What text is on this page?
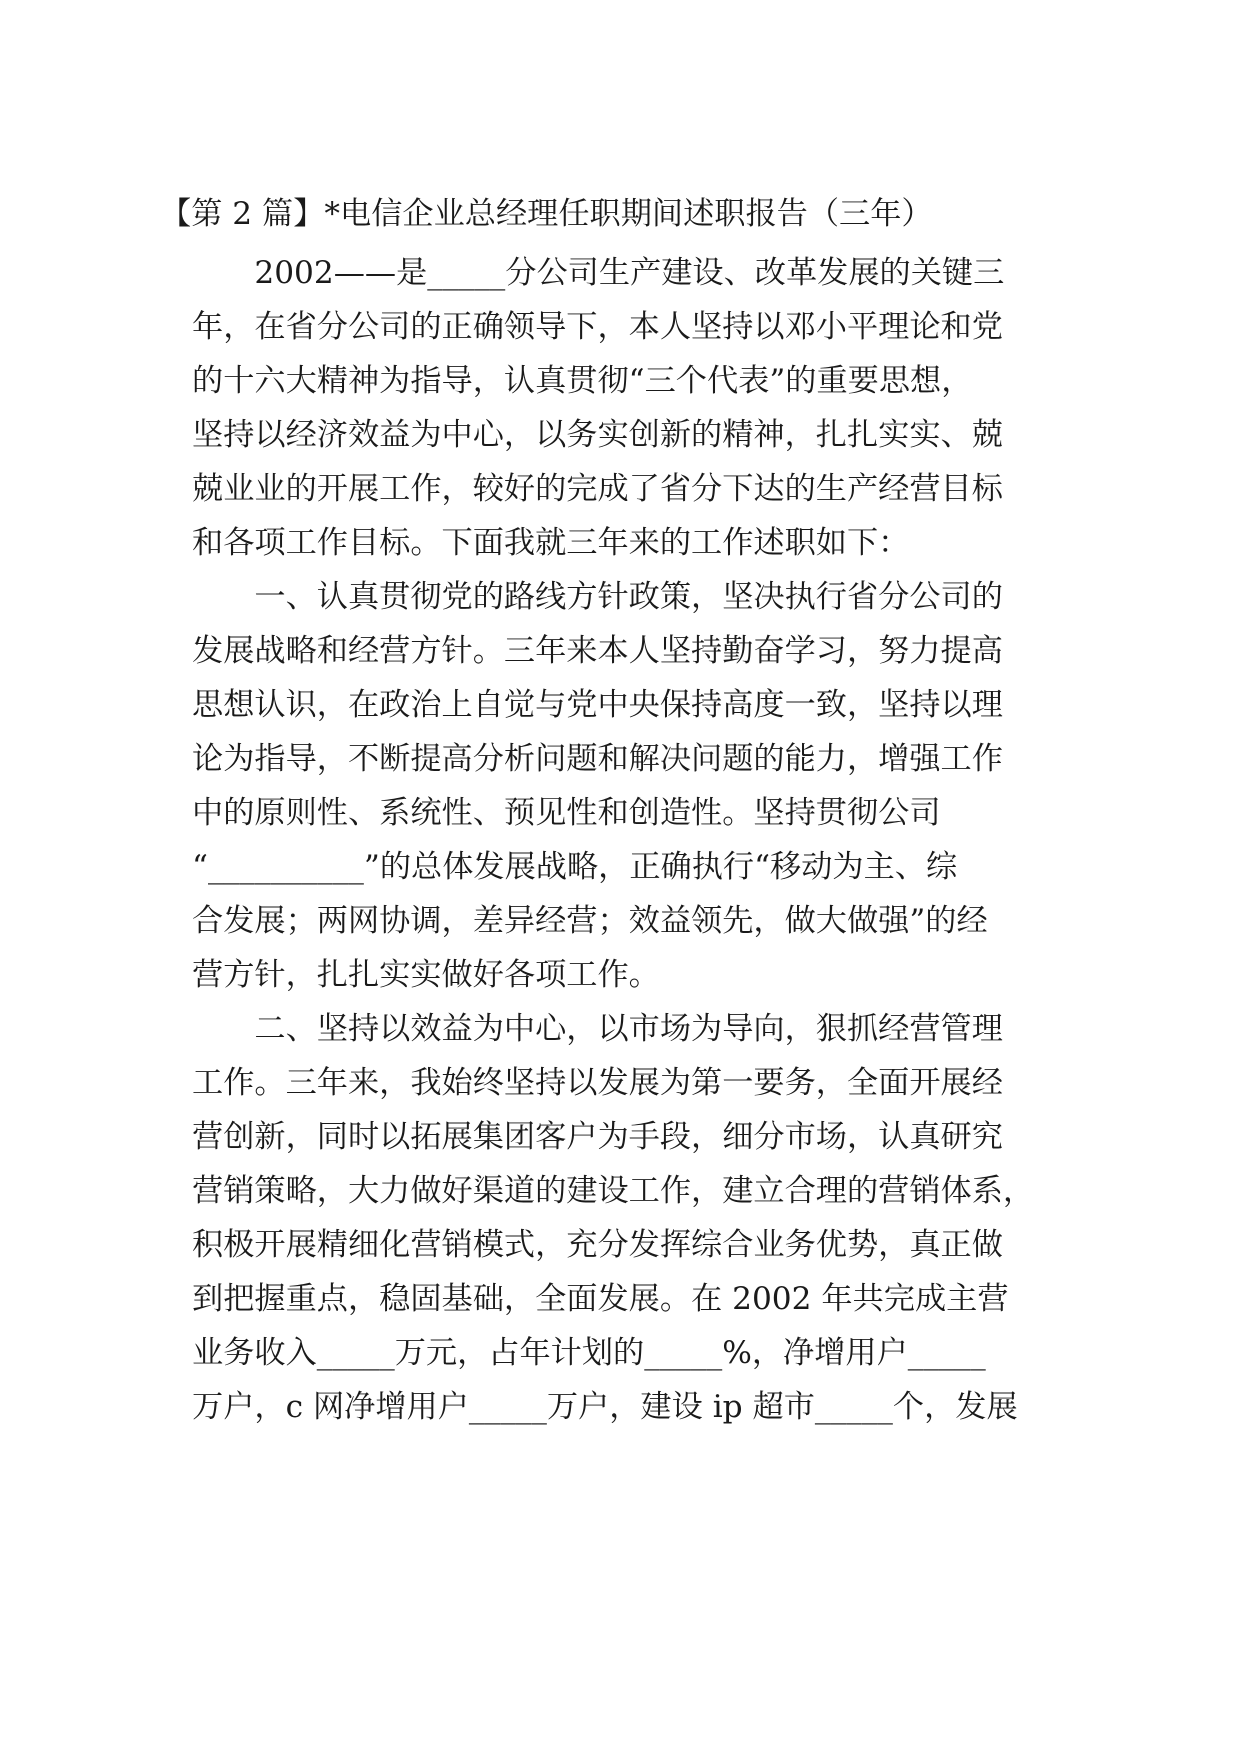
【第 2 篇】*电信企业总经理任职期间述职报告（三年）

　　2002——是_____分公司生产建设、改革发展的关键三

年，在省分公司的正确领导下，本人坚持以邓小平理论和党

的十六大精神为指导，认真贯彻“三个代表”的重要思想，

坚持以经济效益为中心，以务实创新的精神，扎扎实实、兢

兢业业的开展工作，较好的完成了省分下达的生产经营目标

和各项工作目标。下面我就三年来的工作述职如下：

　　一、认真贯彻党的路线方针政策，坚决执行省分公司的

发展战略和经营方针。三年来本人坚持勤奋学习，努力提高

思想认识，在政治上自觉与党中央保持高度一致，坚持以理

论为指导，不断提高分析问题和解决问题的能力，增强工作

中的原则性、系统性、预见性和创造性。坚持贯彻公司

“__________”的总体发展战略，正确执行“移动为主、综

合发展；两网协调，差异经营；效益领先，做大做强”的经

营方针，扎扎实实做好各项工作。

　　二、坚持以效益为中心，以市场为导向，狠抓经营管理

工作。三年来，我始终坚持以发展为第一要务，全面开展经

营创新，同时以拓展集团客户为手段，细分市场，认真研究

营销策略，大力做好渠道的建设工作，建立合理的营销体系，

积极开展精细化营销模式，充分发挥综合业务优势，真正做

到把握重点，稳固基础，全面发展。在 2002 年共完成主营

业务收入_____万元，占年计划的_____%，净增用户_____

万户，c 网净增用户_____万户，建设 ip 超市_____个，发展
